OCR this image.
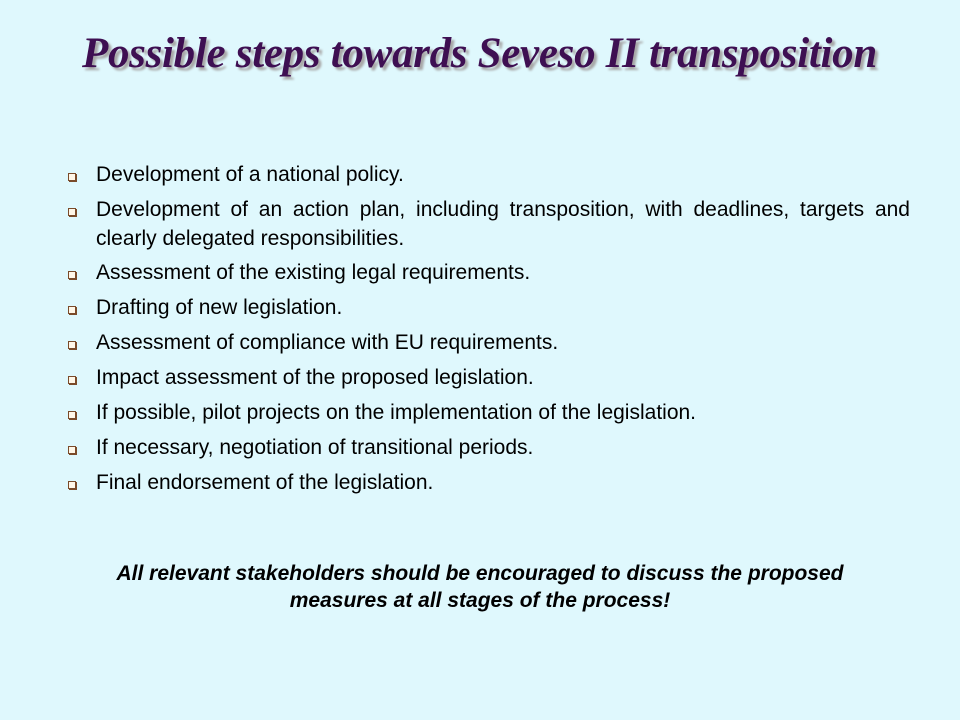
Possible steps towards Seveso II transposition
Development of a national policy.
Development of an action plan, including transposition, with deadlines, targets and clearly delegated responsibilities.
Assessment of the existing legal requirements.
Drafting of new legislation.
Assessment of compliance with EU requirements.
Impact assessment of the proposed legislation.
If possible, pilot projects on the implementation of the legislation.
If necessary, negotiation of transitional periods.
Final endorsement of the legislation.

All relevant stakeholders should be encouraged to discuss the proposed measures at all stages of the process!
